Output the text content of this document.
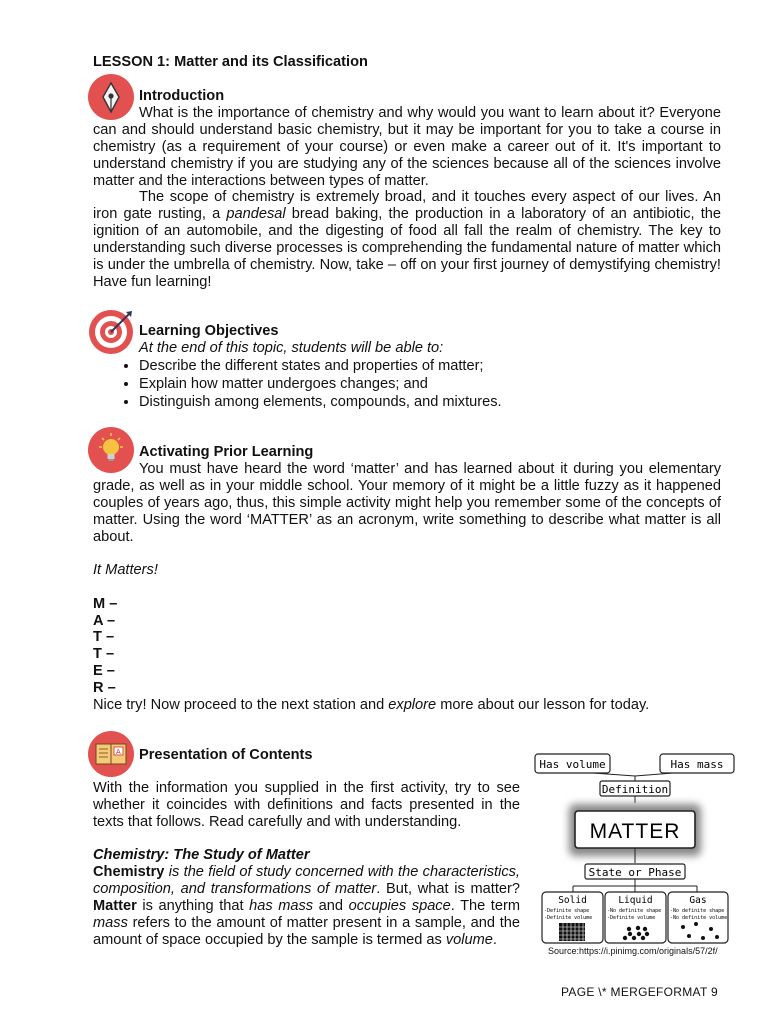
LESSON 1: Matter and its Classification
Introduction
What is the importance of chemistry and why would you want to learn about it? Everyone can and should understand basic chemistry, but it may be important for you to take a course in chemistry (as a requirement of your course) or even make a career out of it. It's important to understand chemistry if you are studying any of the sciences because all of the sciences involve matter and the interactions between types of matter.
The scope of chemistry is extremely broad, and it touches every aspect of our lives. An iron gate rusting, a pandesal bread baking, the production in a laboratory of an antibiotic, the ignition of an automobile, and the digesting of food all fall the realm of chemistry. The key to understanding such diverse processes is comprehending the fundamental nature of matter which is under the umbrella of chemistry. Now, take – off on your first journey of demystifying chemistry! Have fun learning!
Learning Objectives
At the end of this topic, students will be able to:
• Describe the different states and properties of matter;
• Explain how matter undergoes changes; and
• Distinguish among elements, compounds, and mixtures.
Activating Prior Learning
You must have heard the word ‘matter’ and has learned about it during you elementary grade, as well as in your middle school. Your memory of it might be a little fuzzy as it happened couples of years ago, thus, this simple activity might help you remember some of the concepts of matter. Using the word ‘MATTER’ as an acronym, write something to describe what matter is all about.
It Matters!
M –
A –
T –
T –
E –
R –
Nice try! Now proceed to the next station and explore more about our lesson for today.
A Presentation of Contents
With the information you supplied in the first activity, try to see whether it coincides with definitions and facts presented in the texts that follows. Read carefully and with understanding.
Chemistry: The Study of Matter
Chemistry is the field of study concerned with the characteristics, composition, and transformations of matter. But, what is matter? Matter is anything that has mass and occupies space. The term mass refers to the amount of matter present in a sample, and the amount of space occupied by the sample is termed as volume.
Has volume	Has mass
Definition
MATTER
State or Phase
Solid	Liquid	Gas
-Definite shape
-Definite volume
-No definite shape
-Definite volume
-No definite shape
-No definite volume
Source:https://i.pinimg.com/originals/57/2f/
PAGE \* MERGEFORMAT 9
